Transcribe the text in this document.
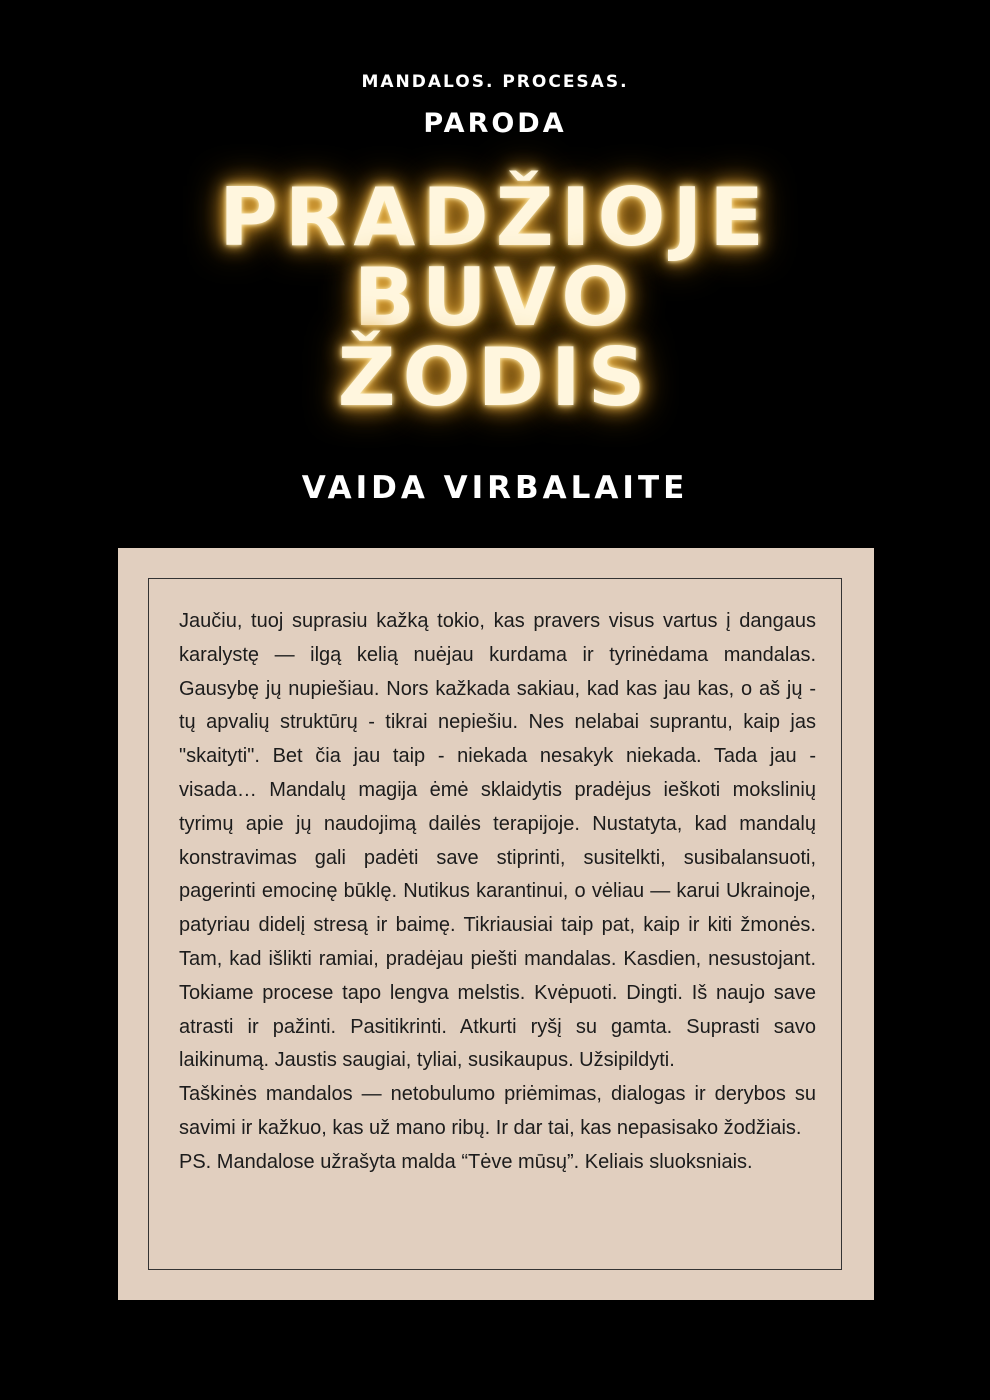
MANDALOS. PROCESAS.
PARODA
PRADŽIOJE
BUVO
ŽODIS
VAIDA VIRBALAITE

Jaučiu, tuoj suprasiu kažką tokio, kas pravers visus vartus į dangaus karalystę — ilgą kelią nuėjau kurdama ir tyrinėdama mandalas. Gausybę jų nupiešiau. Nors kažkada sakiau, kad kas jau kas, o aš jų - tų apvalių struktūrų - tikrai nepiešiu. Nes nelabai suprantu, kaip jas "skaityti". Bet čia jau taip - niekada nesakyk niekada. Tada jau - visada… Mandalų magija ėmė sklaidytis pradėjus ieškoti mokslinių tyrimų apie jų naudojimą dailės terapijoje. Nustatyta, kad mandalų konstravimas gali padėti save stiprinti, susitelkti, susibalansuoti, pagerinti emocinę būklę. Nutikus karantinui, o vėliau — karui Ukrainoje, patyriau didelį stresą ir baimę. Tikriausiai taip pat, kaip ir kiti žmonės. Tam, kad išlikti ramiai, pradėjau piešti mandalas. Kasdien, nesustojant. Tokiame procese tapo lengva melstis. Kvėpuoti. Dingti. Iš naujo save atrasti ir pažinti. Pasitikrinti. Atkurti ryšį su gamta. Suprasti savo laikinumą. Jaustis saugiai, tyliai, susikaupus. Užsipildyti.

Taškinės mandalos — netobulumo priėmimas, dialogas ir derybos su savimi ir kažkuo, kas už mano ribų. Ir dar tai, kas nepasisako žodžiais.

PS. Mandalose užrašyta malda “Tėve mūsų”. Keliais sluoksniais.
